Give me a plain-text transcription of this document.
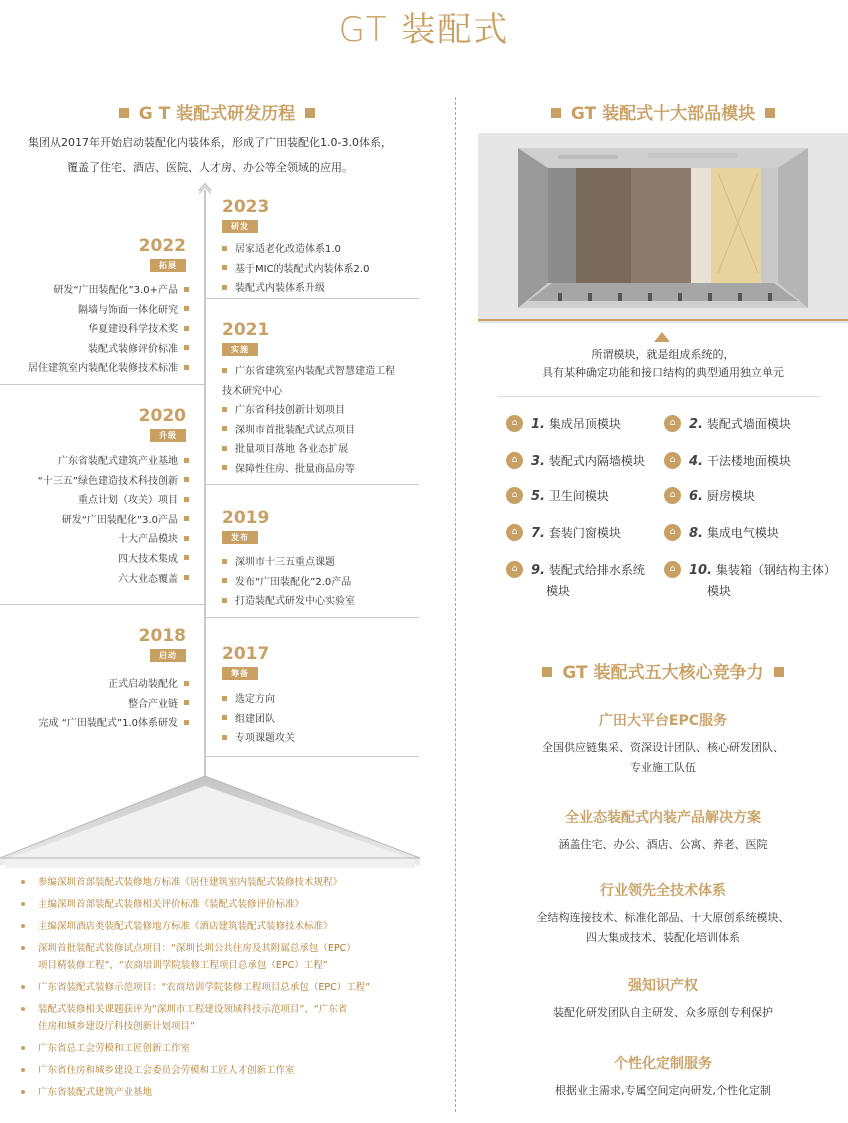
GT 装配式
G T 装配式研发历程
集团从2017年开始启动装配化内装体系，形成了广田装配化1.0-3.0体系，
覆盖了住宅、酒店、医院、人才房、办公等全领域的应用。
2022
拓展
研发“广田装配化”3.0+产品
隔墙与饰面一体化研究
华夏建设科学技术奖
装配式装修评价标准
居住建筑室内装配化装修技术标准
2020
升级
广东省装配式建筑产业基地
“十三五”绿色建造技术科技创新
重点计划（攻关）项目
研发“广田装配化”3.0产品
十大产品模块
四大技术集成
六大业态覆盖
2018
启动
正式启动装配化
整合产业链
完成 “广田装配式”1.0体系研发
2023
研发
居家适老化改造体系1.0
基于MIC的装配式内装体系2.0
装配式内装体系升级
2021
实施
广东省建筑室内装配式智慧建造工程
技术研究中心
广东省科技创新计划项目
深圳市首批装配式试点项目
批量项目落地 各业态扩展
保障性住房、批量商品房等
2019
发布
深圳市十三五重点课题
发布“广田装配化”2.0产品
打造装配式研发中心实验室
2017
筹备
选定方向
组建团队
专项课题攻关
参编深圳首部装配式装修地方标准《居住建筑室内装配式装修技术规程》
主编深圳首部装配式装修相关评价标准《装配式装修评价标准》
主编深圳酒店类装配式装修地方标准《酒店建筑装配式装修技术标准》
深圳首批装配式装修试点项目：“深圳长圳公共住房及其附属总承包（EPC）
项目精装修工程”、“农商培训学院装修工程项目总承包（EPC）工程”
广东省装配式装修示范项目：“农商培训学院装修工程项目总承包（EPC）工程”
装配式装修相关课题获评为“深圳市工程建设领域科技示范项目”、“广东省
住房和城乡建设厅科技创新计划项目”
广东省总工会劳模和工匠创新工作室
广东省住房和城乡建设工会委员会劳模和工匠人才创新工作室
广东省装配式建筑产业基地
GT 装配式十大部品模块
所谓模块，就是组成系统的，
具有某种确定功能和接口结构的典型通用独立单元
⌂ 1. 集成吊顶模块	⌂ 2. 装配式墙面模块
⌂ 3. 装配式内隔墙模块	⌂ 4. 干法楼地面模块
⌂ 5. 卫生间模块	⌂ 6. 厨房模块
⌂ 7. 套装门窗模块	⌂ 8. 集成电气模块
⌂ 9. 装配式给排水系统
模块
⌂ 10. 集装箱（钢结构主体）
模块
GT 装配式五大核心竞争力
广田大平台EPC服务
全国供应链集采、资深设计团队、核心研发团队、
专业施工队伍
全业态装配式内装产品解决方案
涵盖住宅、办公、酒店、公寓、养老、医院
行业领先全技术体系
全结构连接技术、标准化部品、十大原创系统模块、
四大集成技术、装配化培训体系
强知识产权
装配化研发团队自主研发、众多原创专利保护
个性化定制服务
根据业主需求,专属空间定向研发,个性化定制
